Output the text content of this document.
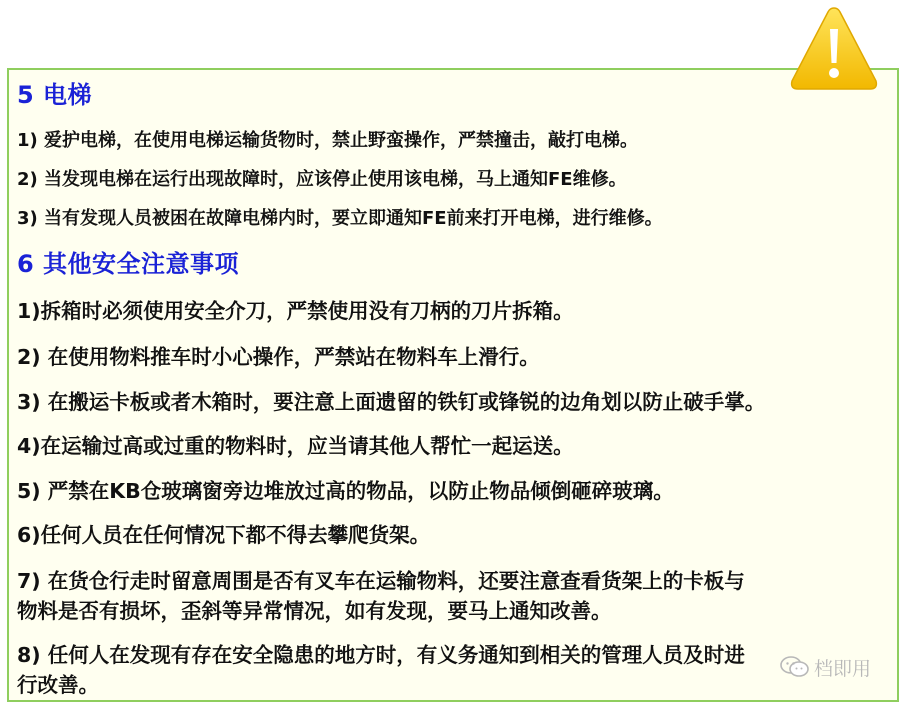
5 电梯
1) 爱护电梯，在使用电梯运输货物时，禁止野蛮操作，严禁撞击，敲打电梯。
2) 当发现电梯在运行出现故障时，应该停止使用该电梯，马上通知FE维修。
3) 当有发现人员被困在故障电梯内时，要立即通知FE前来打开电梯，进行维修。
6 其他安全注意事项
1)拆箱时必须使用安全介刀，严禁使用没有刀柄的刀片拆箱。
2) 在使用物料推车时小心操作，严禁站在物料车上滑行。
3) 在搬运卡板或者木箱时，要注意上面遗留的铁钉或锋锐的边角划以防止破手掌。
4)在运输过高或过重的物料时，应当请其他人帮忙一起运送。
5) 严禁在KB仓玻璃窗旁边堆放过高的物品，以防止物品倾倒砸碎玻璃。
6)任何人员在任何情况下都不得去攀爬货架。
7) 在货仓行走时留意周围是否有叉车在运输物料，还要注意查看货架上的卡板与
物料是否有损坏，歪斜等异常情况，如有发现，要马上通知改善。
8) 任何人在发现有存在安全隐患的地方时，有义务通知到相关的管理人员及时进
行改善。
档即用
